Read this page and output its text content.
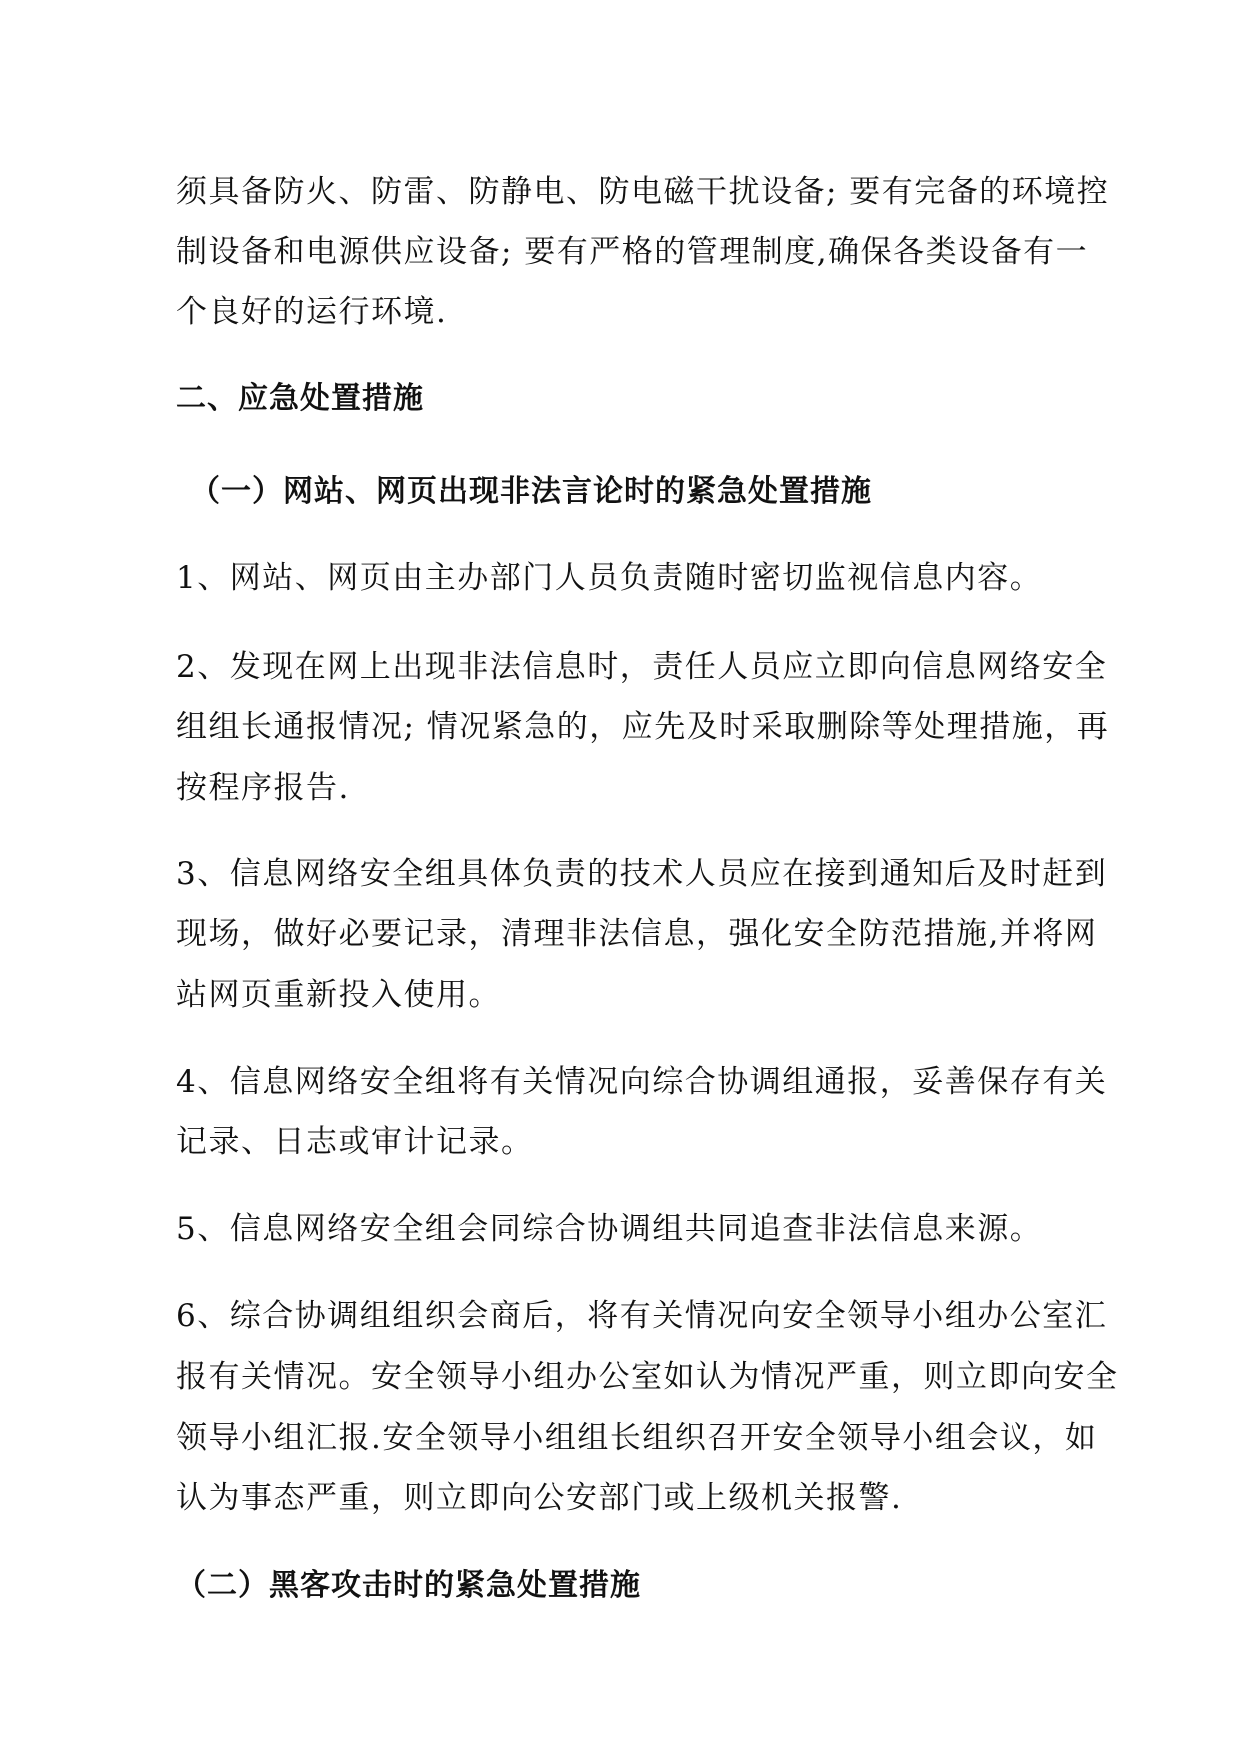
须具备防火、防雷、防静电、防电磁干扰设备; 要有完备的环境控
制设备和电源供应设备; 要有严格的管理制度,确保各类设备有一
个良好的运行环境.
二、应急处置措施
（一）网站、网页出现非法言论时的紧急处置措施
1、网站、网页由主办部门人员负责随时密切监视信息内容。
2、发现在网上出现非法信息时，责任人员应立即向信息网络安全
组组长通报情况; 情况紧急的，应先及时采取删除等处理措施，再
按程序报告.
3、信息网络安全组具体负责的技术人员应在接到通知后及时赶到
现场，做好必要记录，清理非法信息，强化安全防范措施,并将网
站网页重新投入使用。
4、信息网络安全组将有关情况向综合协调组通报，妥善保存有关
记录、日志或审计记录。
5、信息网络安全组会同综合协调组共同追查非法信息来源。
6、综合协调组组织会商后，将有关情况向安全领导小组办公室汇
报有关情况。安全领导小组办公室如认为情况严重，则立即向安全
领导小组汇报.安全领导小组组长组织召开安全领导小组会议，如
认为事态严重，则立即向公安部门或上级机关报警.
（二）黑客攻击时的紧急处置措施
